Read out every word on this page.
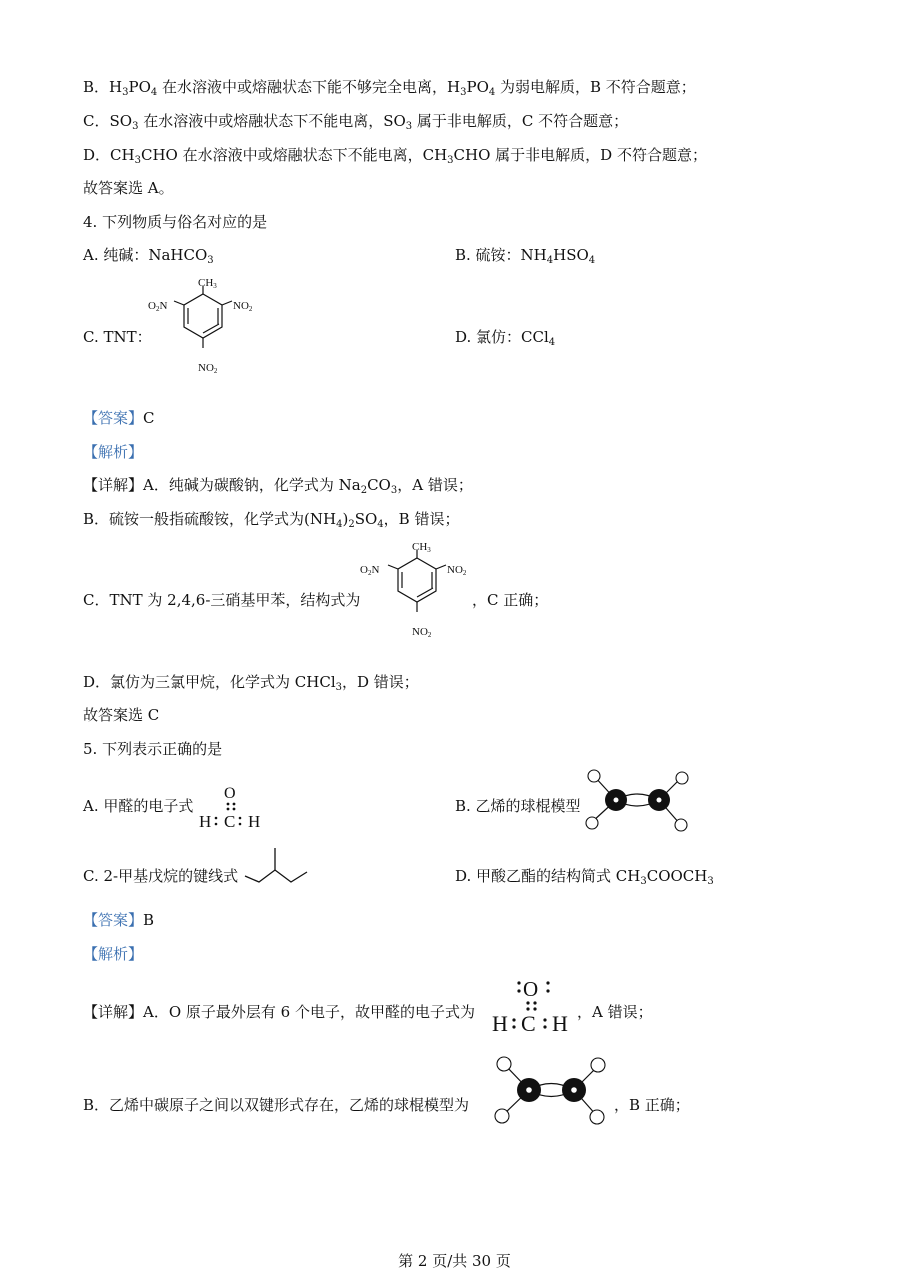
B．$H_3PO_4$ 在水溶液中或熔融状态下能不够完全电离，$H_3PO_4$ 为弱电解质，B 不符合题意；
C．$SO_3$ 在水溶液中或熔融状态下不能电离，$SO_3$ 属于非电解质，C 不符合题意；
D．$CH_3CHO$ 在水溶液中或熔融状态下不能电离，$CH_3CHO$ 属于非电解质，D 不符合题意；
故答案选 A。
4. 下列物质与俗名对应的是
A. 纯碱：NaHCO$_3$	B. 硫铵：$NH_4HSO_4$
C. TNT：
CH3
NO2
O2N
NO2
D. 氯仿：CCl$_4$
【答案】C
【解析】
【详解】A．纯碱为碳酸钠，化学式为 $Na_2CO_3$，A 错误；
B．硫铵一般指硫酸铵，化学式为$(NH_4)_2SO_4$，B 错误；
C．TNT 为 2,4,6-三硝基甲苯，结构式为	，C 正确；
CH3
NO2
O2N
NO2
D．氯仿为三氯甲烷，化学式为 CHCl$_3$，D 错误；
故答案选 C
5. 下列表示正确的是
A. 甲醛的电子式
O
H C H
B. 乙烯的球棍模型
C. 2-甲基戊烷的键线式	D. 甲酸乙酯的结构简式 $CH_3COOCH_3$
【答案】B
【解析】
【详解】A．O 原子最外层有 6 个电子，故甲醛的电子式为
O
H C H ，A 错误；
B．乙烯中碳原子之间以双键形式存在，乙烯的球棍模型为	，B 正确；
第 2 页/共 30 页
